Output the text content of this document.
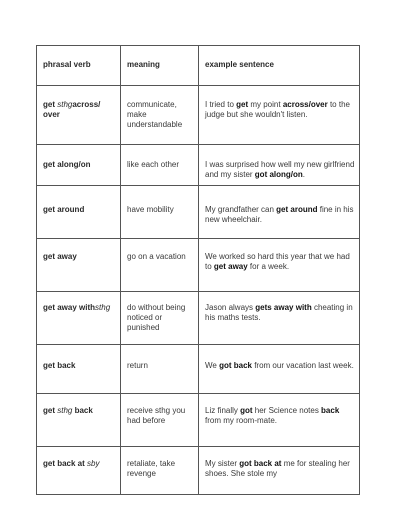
phrasal verb	meaning	example sentence
get sthgacross/ over	communicate, make understandable	I tried to get my point across/over to the judge but she wouldn't listen.
get along/on	like each other	I was surprised how well my new girlfriend and my sister got along/on.
get around	have mobility	My grandfather can get around fine in his new wheelchair.
get away	go on a vacation	We worked so hard this year that we had to get away for a week.
get away withsthg	do without being noticed or punished	Jason always gets away with cheating in his maths tests.
get back	return	We got back from our vacation last week.
get sthg back	receive sthg you had before	Liz finally got her Science notes back from my room-mate.
get back at sby	retaliate, take revenge	My sister got back at me for stealing her shoes. She stole my
